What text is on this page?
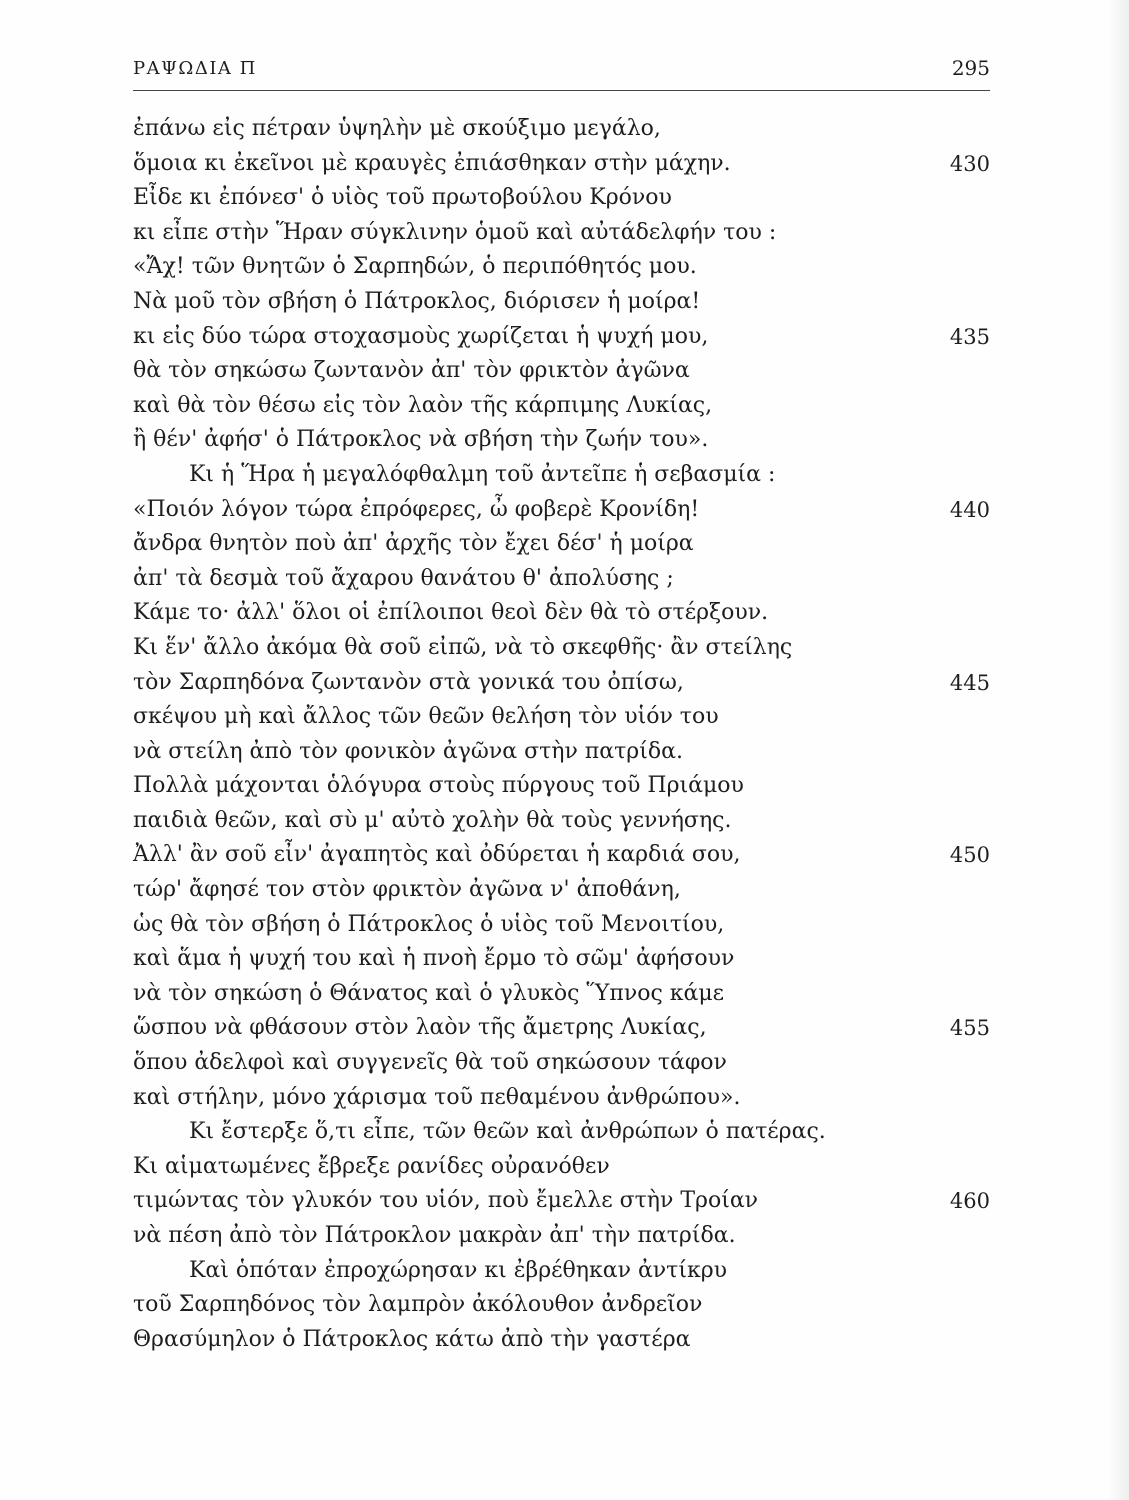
ΡΑΨΩΔΙΑ Π	295
ἐπάνω εἰς πέτραν ὑψηλὴν μὲ σκούξιμο μεγάλο,
ὅμοια κι ἐκεῖνοι μὲ κραυγὲς ἐπιάσθηκαν στὴν μάχην.	430
Εἶδε κι ἐπόνεσ' ὁ υἱὸς τοῦ πρωτοβούλου Κρόνου
κι εἶπε στὴν Ἥραν σύγκλινην ὁμοῦ καὶ αὐτάδελφήν του :
«Ἄχ! τῶν θνητῶν ὁ Σαρπηδών, ὁ περιπόθητός μου.
Νὰ μοῦ τὸν σβήση ὁ Πάτροκλος, διόρισεν ἡ μοίρα!
κι εἰς δύο τώρα στοχασμοὺς χωρίζεται ἡ ψυχή μου,	435
θὰ τὸν σηκώσω ζωντανὸν ἀπ' τὸν φρικτὸν ἀγῶνα
καὶ θὰ τὸν θέσω εἰς τὸν λαὸν τῆς κάρπιμης Λυκίας,
ἢ θέν' ἀφήσ' ὁ Πάτροκλος νὰ σβήση τὴν ζωήν του».
Κι ἡ Ἥρα ἡ μεγαλόφθαλμη τοῦ ἀντεῖπε ἡ σεβασμία :
«Ποιόν λόγον τώρα ἐπρόφερες, ὦ φοβερὲ Κρονίδη!	440
ἄνδρα θνητὸν ποὺ ἀπ' ἀρχῆς τὸν ἔχει δέσ' ἡ μοίρα
ἀπ' τὰ δεσμὰ τοῦ ἄχαρου θανάτου θ' ἀπολύσης ;
Κάμε το· ἀλλ' ὅλοι οἱ ἐπίλοιποι θεοὶ δὲν θὰ τὸ στέρξουν.
Κι ἕν' ἄλλο ἀκόμα θὰ σοῦ εἰπῶ, νὰ τὸ σκεφθῆς· ἂν στείλης
τὸν Σαρπηδόνα ζωντανὸν στὰ γονικά του ὀπίσω,	445
σκέψου μὴ καὶ ἄλλος τῶν θεῶν θελήση τὸν υἱόν του
νὰ στείλη ἀπὸ τὸν φονικὸν ἀγῶνα στὴν πατρίδα.
Πολλὰ μάχονται ὁλόγυρα στοὺς πύργους τοῦ Πριάμου
παιδιὰ θεῶν, καὶ σὺ μ' αὐτὸ χολὴν θὰ τοὺς γεννήσης.
Ἀλλ' ἂν σοῦ εἶν' ἀγαπητὸς καὶ ὀδύρεται ἡ καρδιά σου,	450
τώρ' ἄφησέ τον στὸν φρικτὸν ἀγῶνα ν' ἀποθάνη,
ὡς θὰ τὸν σβήση ὁ Πάτροκλος ὁ υἱὸς τοῦ Μενοιτίου,
καὶ ἅμα ἡ ψυχή του καὶ ἡ πνοὴ ἔρμο τὸ σῶμ' ἀφήσουν
νὰ τὸν σηκώση ὁ Θάνατος καὶ ὁ γλυκὸς Ὕπνος κάμε
ὥσπου νὰ φθάσουν στὸν λαὸν τῆς ἄμετρης Λυκίας,	455
ὅπου ἀδελφοὶ καὶ συγγενεῖς θὰ τοῦ σηκώσουν τάφον
καὶ στήλην, μόνο χάρισμα τοῦ πεθαμένου ἀνθρώπου».
Κι ἔστερξε ὅ,τι εἶπε, τῶν θεῶν καὶ ἀνθρώπων ὁ πατέρας.
Κι αἱματωμένες ἔβρεξε ρανίδες οὐρανόθεν
τιμώντας τὸν γλυκόν του υἱόν, ποὺ ἔμελλε στὴν Τροίαν	460
νὰ πέση ἀπὸ τὸν Πάτροκλον μακρὰν ἀπ' τὴν πατρίδα.
Καὶ ὁπόταν ἐπροχώρησαν κι ἐβρέθηκαν ἀντίκρυ
τοῦ Σαρπηδόνος τὸν λαμπρὸν ἀκόλουθον ἀνδρεῖον
Θρασύμηλον ὁ Πάτροκλος κάτω ἀπὸ τὴν γαστέρα
